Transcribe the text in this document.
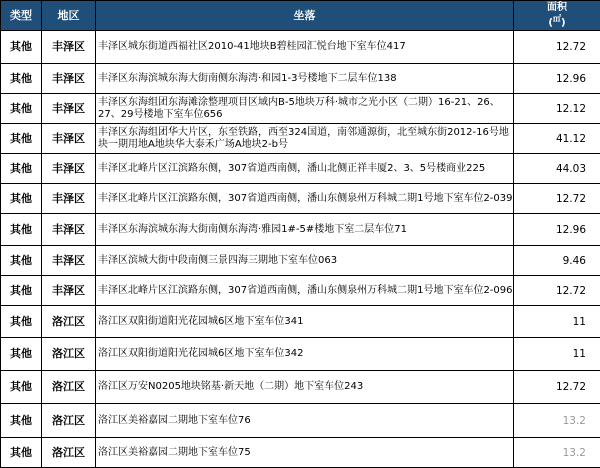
类型	地区	坐落	面积
(㎡)
其他	丰泽区	丰泽区城东街道西福社区2010-41地块B碧桂园汇悦台地下室车位417	12.72
其他	丰泽区	丰泽区东海滨城东海大街南侧东海湾·和园1-3号楼地下二层车位138	12.96
其他	丰泽区	丰泽区东海组团东海滩涂整理项目区域内B-5地块万科·城市之光小区（二期）16-21、26、27、29号楼地下室车位656	12.12
其他	丰泽区	丰泽区东海组团华大片区，东至铁路，西至324国道，南邻通源街，北至城东街2012-16号地块一期用地A地块华大泰禾广场A地块2-b号	41.12
其他	丰泽区	丰泽区北峰片区江滨路东侧，307省道西南侧，潘山北侧正祥丰厦2、3、5号楼商业225	44.03
其他	丰泽区	丰泽区北峰片区江滨路东侧，307省道西南侧，潘山东侧泉州万科城二期1号地下室车位2-039	12.72
其他	丰泽区	丰泽区东海滨城东海大街南侧东海湾·雅园1#-5#楼地下室二层车位71	12.96
其他	丰泽区	丰泽区滨城大街中段南侧三景四海三期地下室车位063	9.46
其他	丰泽区	丰泽区北峰片区江滨路东侧，307省道西南侧，潘山东侧泉州万科城二期1号地下室车位2-096	12.72
其他	洛江区	洛江区双阳街道阳光花园城6区地下室车位341	11
其他	洛江区	洛江区双阳街道阳光花园城6区地下室车位342	11
其他	洛江区	洛江区万安N0205地块铭基·新天地（二期）地下室车位243	12.72
其他	洛江区	洛江区美裕嘉园二期地下室车位76	13.2
其他	洛江区	洛江区美裕嘉园二期地下室车位75	13.2
